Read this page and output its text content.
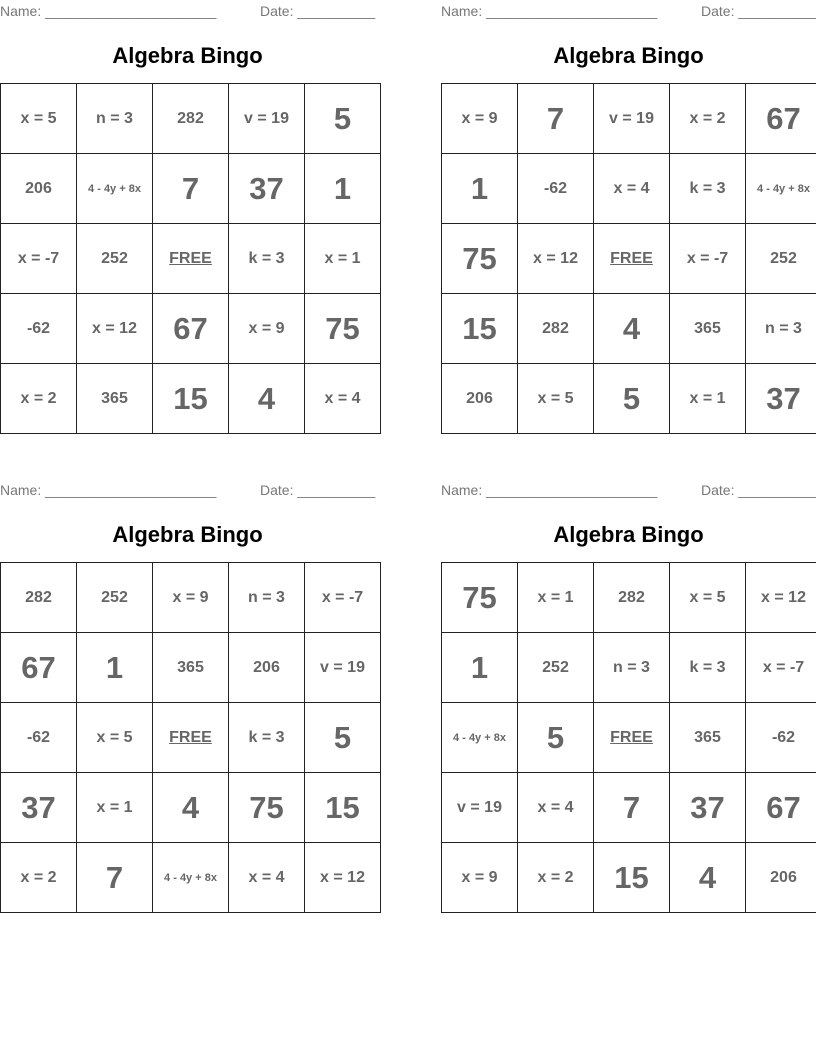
Name: ______________________	Date: __________
Algebra Bingo
x = 5	n = 3	282	v = 19	5
206	4 - 4y + 8x	7	37	1
x = -7	252	FREE	k = 3	x = 1
-62	x = 12	67	x = 9	75
x = 2	365	15	4	x = 4
Name: ______________________	Date: __________
Algebra Bingo
x = 9	7	v = 19	x = 2	67
1	-62	x = 4	k = 3	4 - 4y + 8x
75	x = 12	FREE	x = -7	252
15	282	4	365	n = 3
206	x = 5	5	x = 1	37
Name: ______________________	Date: __________
Algebra Bingo
282	252	x = 9	n = 3	x = -7
67	1	365	206	v = 19
-62	x = 5	FREE	k = 3	5
37	x = 1	4	75	15
x = 2	7	4 - 4y + 8x	x = 4	x = 12
Name: ______________________	Date: __________
Algebra Bingo
75	x = 1	282	x = 5	x = 12
1	252	n = 3	k = 3	x = -7
4 - 4y + 8x	5	FREE	365	-62
v = 19	x = 4	7	37	67
x = 9	x = 2	15	4	206
